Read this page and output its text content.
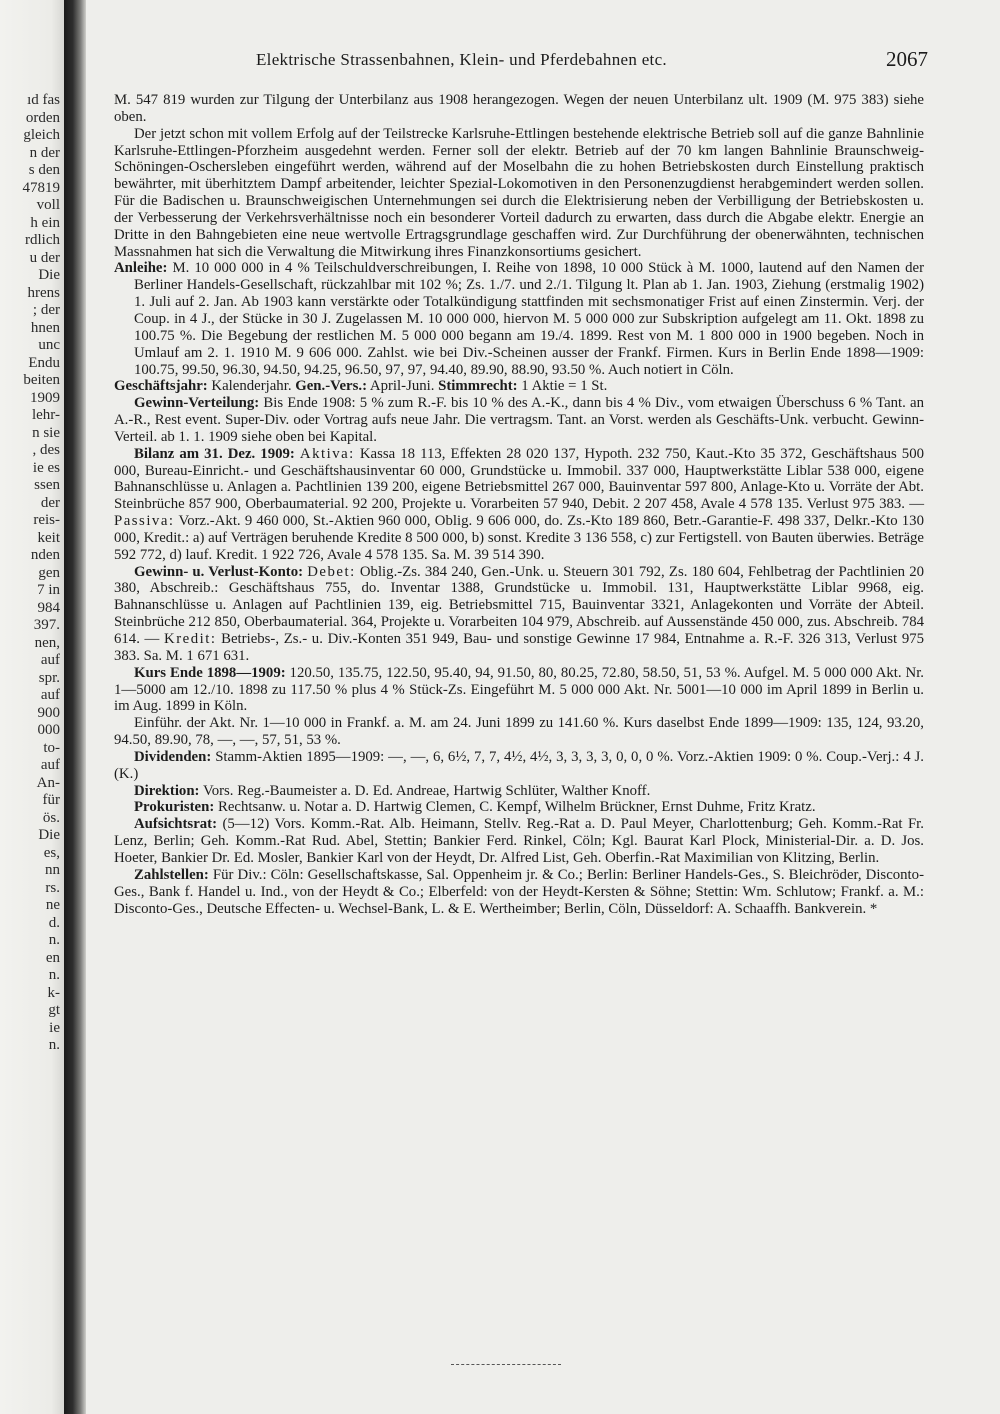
ıd fas
orden
gleich
n der
s den
47819
voll
h ein
rdlich
u der
Die
hrens
; der
hnen
unc
Endu
beiten
1909
lehr-
n sie
, des
ie es
ssen
der
reis-
keit
nden
gen
7 in
984
397.
nen,
auf
spr.
auf
900
000
to-
auf
An-
für
ös.
Die
es,
nn
rs.
ne
d.
n.
en
n.
k-
gt
ie
n.
Elektrische Strassenbahnen, Klein- und Pferdebahnen etc.	2067

M. 547 819 wurden zur Tilgung der Unterbilanz aus 1908 herangezogen. Wegen der neuen Unterbilanz ult. 1909 (M. 975 383) siehe oben.

Der jetzt schon mit vollem Erfolg auf der Teilstrecke Karlsruhe-Ettlingen bestehende elektrische Betrieb soll auf die ganze Bahnlinie Karlsruhe-Ettlingen-Pforzheim ausgedehnt werden. Ferner soll der elektr. Betrieb auf der 70 km langen Bahnlinie Braunschweig-Schöningen-Oschersleben eingeführt werden, während auf der Moselbahn die zu hohen Betriebskosten durch Einstellung praktisch bewährter, mit überhitztem Dampf arbeitender, leichter Spezial-Lokomotiven in den Personenzugdienst herabgemindert werden sollen. Für die Badischen u. Braunschweigischen Unternehmungen sei durch die Elektrisierung neben der Verbilligung der Betriebskosten u. der Verbesserung der Verkehrsverhältnisse noch ein besonderer Vorteil dadurch zu erwarten, dass durch die Abgabe elektr. Energie an Dritte in den Bahngebieten eine neue wertvolle Ertragsgrundlage geschaffen wird. Zur Durchführung der obenerwähnten, technischen Massnahmen hat sich die Verwaltung die Mitwirkung ihres Finanzkonsortiums gesichert.

Anleihe: M. 10 000 000 in 4 % Teilschuldverschreibungen, I. Reihe von 1898, 10 000 Stück à M. 1000, lautend auf den Namen der Berliner Handels-Gesellschaft, rückzahlbar mit 102 %; Zs. 1./7. und 2./1. Tilgung lt. Plan ab 1. Jan. 1903, Ziehung (erstmalig 1902) 1. Juli auf 2. Jan. Ab 1903 kann verstärkte oder Totalkündigung stattfinden mit sechsmonatiger Frist auf einen Zinstermin. Verj. der Coup. in 4 J., der Stücke in 30 J. Zugelassen M. 10 000 000, hiervon M. 5 000 000 zur Subskription aufgelegt am 11. Okt. 1898 zu 100.75 %. Die Begebung der restlichen M. 5 000 000 begann am 19./4. 1899. Rest von M. 1 800 000 in 1900 begeben. Noch in Umlauf am 2. 1. 1910 M. 9 606 000. Zahlst. wie bei Div.-Scheinen ausser der Frankf. Firmen. Kurs in Berlin Ende 1898—1909: 100.75, 99.50, 96.30, 94.50, 94.25, 96.50, 97, 97, 94.40, 89.90, 88.90, 93.50 %. Auch notiert in Cöln.

Geschäftsjahr: Kalenderjahr. Gen.-Vers.: April-Juni. Stimmrecht: 1 Aktie = 1 St.

Gewinn-Verteilung: Bis Ende 1908: 5 % zum R.-F. bis 10 % des A.-K., dann bis 4 % Div., vom etwaigen Überschuss 6 % Tant. an A.-R., Rest event. Super-Div. oder Vortrag aufs neue Jahr. Die vertragsm. Tant. an Vorst. werden als Geschäfts-Unk. verbucht. Gewinn-Verteil. ab 1. 1. 1909 siehe oben bei Kapital.

Bilanz am 31. Dez. 1909: Aktiva: Kassa 18 113, Effekten 28 020 137, Hypoth. 232 750, Kaut.-Kto 35 372, Geschäftshaus 500 000, Bureau-Einricht.- und Geschäftshausinventar 60 000, Grundstücke u. Immobil. 337 000, Hauptwerkstätte Liblar 538 000, eigene Bahnanschlüsse u. Anlagen a. Pachtlinien 139 200, eigene Betriebsmittel 267 000, Bauinventar 597 800, Anlage-Kto u. Vorräte der Abt. Steinbrüche 857 900, Oberbaumaterial. 92 200, Projekte u. Vorarbeiten 57 940, Debit. 2 207 458, Avale 4 578 135. Verlust 975 383. — Passiva: Vorz.-Akt. 9 460 000, St.-Aktien 960 000, Oblig. 9 606 000, do. Zs.-Kto 189 860, Betr.-Garantie-F. 498 337, Delkr.-Kto 130 000, Kredit.: a) auf Verträgen beruhende Kredite 8 500 000, b) sonst. Kredite 3 136 558, c) zur Fertigstell. von Bauten überwies. Beträge 592 772, d) lauf. Kredit. 1 922 726, Avale 4 578 135. Sa. M. 39 514 390.

Gewinn- u. Verlust-Konto: Debet: Oblig.-Zs. 384 240, Gen.-Unk. u. Steuern 301 792, Zs. 180 604, Fehlbetrag der Pachtlinien 20 380, Abschreib.: Geschäftshaus 755, do. Inventar 1388, Grundstücke u. Immobil. 131, Hauptwerkstätte Liblar 9968, eig. Bahnanschlüsse u. Anlagen auf Pachtlinien 139, eig. Betriebsmittel 715, Bauinventar 3321, Anlagekonten und Vorräte der Abteil. Steinbrüche 212 850, Oberbaumaterial. 364, Projekte u. Vorarbeiten 104 979, Abschreib. auf Aussenstände 450 000, zus. Abschreib. 784 614. — Kredit: Betriebs-, Zs.- u. Div.-Konten 351 949, Bau- und sonstige Gewinne 17 984, Entnahme a. R.-F. 326 313, Verlust 975 383. Sa. M. 1 671 631.

Kurs Ende 1898—1909: 120.50, 135.75, 122.50, 95.40, 94, 91.50, 80, 80.25, 72.80, 58.50, 51, 53 %. Aufgel. M. 5 000 000 Akt. Nr. 1—5000 am 12./10. 1898 zu 117.50 % plus 4 % Stück-Zs. Eingeführt M. 5 000 000 Akt. Nr. 5001—10 000 im April 1899 in Berlin u. im Aug. 1899 in Köln.

Einführ. der Akt. Nr. 1—10 000 in Frankf. a. M. am 24. Juni 1899 zu 141.60 %. Kurs daselbst Ende 1899—1909: 135, 124, 93.20, 94.50, 89.90, 78, —, —, 57, 51, 53 %.

Dividenden: Stamm-Aktien 1895—1909: —, —, 6, 6½, 7, 7, 4½, 4½, 3, 3, 3, 3, 0, 0, 0 %. Vorz.-Aktien 1909: 0 %. Coup.-Verj.: 4 J. (K.)

Direktion: Vors. Reg.-Baumeister a. D. Ed. Andreae, Hartwig Schlüter, Walther Knoff.

Prokuristen: Rechtsanw. u. Notar a. D. Hartwig Clemen, C. Kempf, Wilhelm Brückner, Ernst Duhme, Fritz Kratz.

Aufsichtsrat: (5—12) Vors. Komm.-Rat. Alb. Heimann, Stellv. Reg.-Rat a. D. Paul Meyer, Charlottenburg; Geh. Komm.-Rat Fr. Lenz, Berlin; Geh. Komm.-Rat Rud. Abel, Stettin; Bankier Ferd. Rinkel, Cöln; Kgl. Baurat Karl Plock, Ministerial-Dir. a. D. Jos. Hoeter, Bankier Dr. Ed. Mosler, Bankier Karl von der Heydt, Dr. Alfred List, Geh. Oberfin.-Rat Maximilian von Klitzing, Berlin.

Zahlstellen: Für Div.: Cöln: Gesellschaftskasse, Sal. Oppenheim jr. & Co.; Berlin: Berliner Handels-Ges., S. Bleichröder, Disconto-Ges., Bank f. Handel u. Ind., von der Heydt & Co.; Elberfeld: von der Heydt-Kersten & Söhne; Stettin: Wm. Schlutow; Frankf. a. M.: Disconto-Ges., Deutsche Effecten- u. Wechsel-Bank, L. & E. Wertheimber; Berlin, Cöln, Düsseldorf: A. Schaaffh. Bankverein. *
